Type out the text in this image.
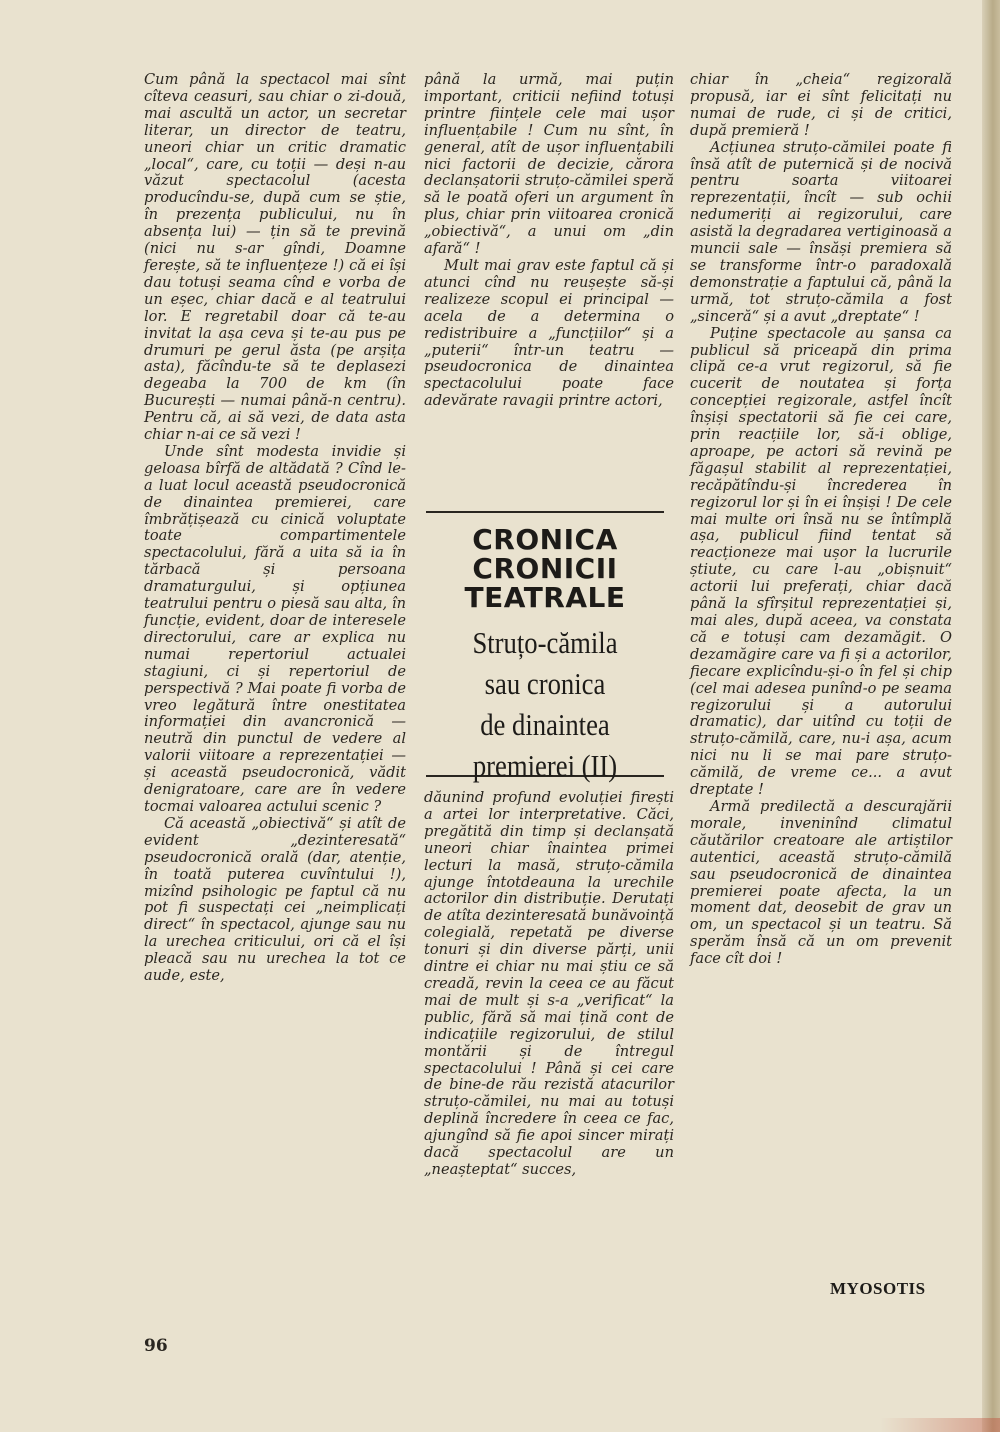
Cum până la spectacol mai sînt cîteva ceasuri, sau chiar o zi-două, mai ascultă un actor, un secretar literar, un director de teatru, uneori chiar un critic dramatic „local“, care, cu toții — deși n-au văzut spectacolul (acesta producîndu-se, după cum se știe, în prezența publicului, nu în absența lui) — țin să te prevină (nici nu s-ar gîndi, Doamne ferește, să te influențeze !) că ei își dau totuși seama cînd e vorba de un eșec, chiar dacă e al teatrului lor. E regretabil doar că te-au invitat la așa ceva și te-au pus pe drumuri pe gerul ăsta (pe arșița asta), făcîndu-te să te deplasezi degeaba la 700 de km (în București — numai până-n centru). Pentru că, ai să vezi, de data asta chiar n-ai ce să vezi !

Unde sînt modesta invidie și geloasa bîrfă de altădată ? Cînd le-a luat locul această pseudocronică de dinaintea premierei, care îmbrățișează cu cinică voluptate toate compartimentele spectacolului, fără a uita să ia în tărbacă și persoana dramaturgului, și opțiunea teatrului pentru o piesă sau alta, în funcție, evident, doar de interesele directorului, care ar explica nu numai repertoriul actualei stagiuni, ci și repertoriul de perspectivă ? Mai poate fi vorba de vreo legătură între onestitatea informației din avancronică — neutră din punctul de vedere al valorii viitoare a reprezentației — și această pseudocronică, vădit denigratoare, care are în vedere tocmai valoarea actului scenic ?

Că această „obiectivă“ și atît de evident „dezinteresată“ pseudocronică orală (dar, atenție, în toată puterea cuvîntului !), mizînd psihologic pe faptul că nu pot fi suspectați cei „neimplicați direct“ în spectacol, ajunge sau nu la urechea criticului, ori că el își pleacă sau nu urechea la tot ce aude, este,

până la urmă, mai puțin important, criticii nefiind totuși printre ființele cele mai ușor influențabile ! Cum nu sînt, în general, atît de ușor influențabili nici factorii de decizie, cărora declanșatorii struțo-cămilei speră să le poată oferi un argument în plus, chiar prin viitoarea cronică „obiectivă“, a unui om „din afară“ !

Mult mai grav este faptul că și atunci cînd nu reușește să-și realizeze scopul ei principal — acela de a determina o redistribuire a „funcțiilor“ și a „puterii“ într-un teatru — pseudocronica de dinaintea spectacolului poate face adevărate ravagii printre actori,

CRONICA
CRONICII
TEATRALE
Struțo-cămila
sau cronica
de dinaintea
premierei (II)

dăunind profund evoluției firești a artei lor interpretative. Căci, pregătită din timp și declanșată uneori chiar înaintea primei lecturi la masă, struțo-cămila ajunge întotdeauna la urechile actorilor din distribuție. Derutați de atîta dezinteresată bunăvoință colegială, repetată pe diverse tonuri și din diverse părți, unii dintre ei chiar nu mai știu ce să creadă, revin la ceea ce au făcut mai de mult și s-a „verificat“ la public, fără să mai țină cont de indicațiile regizorului, de stilul montării și de întregul spectacolului ! Până și cei care de bine-de rău rezistă atacurilor struțo-cămilei, nu mai au totuși deplină încredere în ceea ce fac, ajungînd să fie apoi sincer mirați dacă spectacolul are un „neașteptat“ succes,

chiar în „cheia“ regizorală propusă, iar ei sînt felicitați nu numai de rude, ci și de critici, după premieră !

Acțiunea struțo-cămilei poate fi însă atît de puternică și de nocivă pentru soarta viitoarei reprezentații, încît — sub ochii nedumeriți ai regizorului, care asistă la degradarea vertiginoasă a muncii sale — însăși premiera să se transforme într-o paradoxală demonstrație a faptului că, până la urmă, tot struțo-cămila a fost „sinceră“ și a avut „dreptate“ !

Puține spectacole au șansa ca publicul să priceapă din prima clipă ce-a vrut regizorul, să fie cucerit de noutatea și forța concepției regizorale, astfel încît înșiși spectatorii să fie cei care, prin reacțiile lor, să-i oblige, aproape, pe actori să revină pe făgașul stabilit al reprezentației, recăpătîndu-și încrederea în regizorul lor și în ei înșiși ! De cele mai multe ori însă nu se întîmplă așa, publicul fiind tentat să reacționeze mai ușor la lucrurile știute, cu care l-au „obișnuit“ actorii lui preferați, chiar dacă până la sfîrșitul reprezentației și, mai ales, după aceea, va constata că e totuși cam dezamăgit. O dezamăgire care va fi și a actorilor, fiecare explicîndu-și-o în fel și chip (cel mai adesea punînd-o pe seama regizorului și a autorului dramatic), dar uitînd cu toții de struțo-cămilă, care, nu-i așa, acum nici nu li se mai pare struțo-cămilă, de vreme ce... a avut dreptate !

Armă predilectă a descurajării morale, inveninînd climatul căutărilor creatoare ale artiștilor autentici, această struțo-cămilă sau pseudocronică de dinaintea premierei poate afecta, la un moment dat, deosebit de grav un om, un spectacol și un teatru. Să sperăm însă că un om prevenit face cît doi !

MYOSOTIS
96
